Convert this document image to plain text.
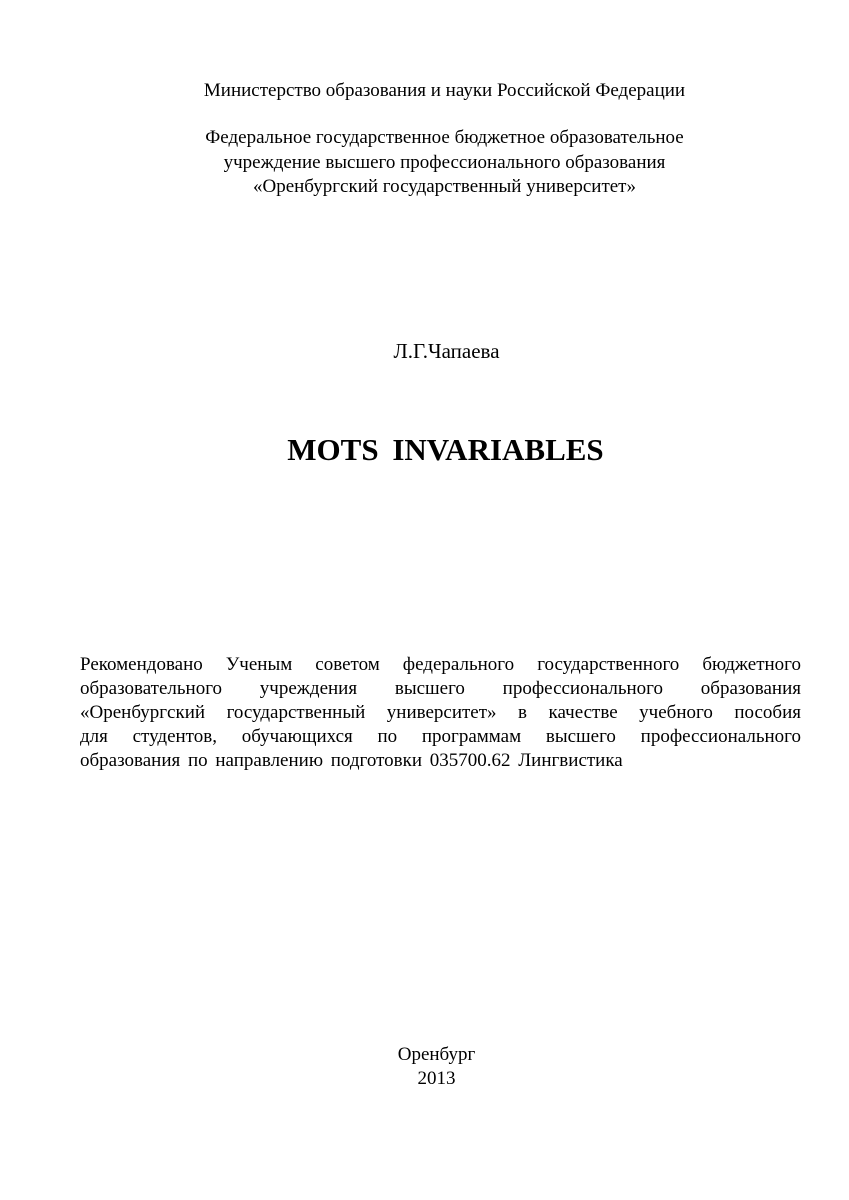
Министерство образования и науки Российской Федерации
Федеральное государственное бюджетное образовательное
учреждение высшего профессионального образования
«Оренбургский государственный университет»
Л.Г.Чапаева
MOTS INVARIABLES
Рекомендовано Ученым советом федерального государственного бюджетного
образовательного учреждения высшего профессионального образования
«Оренбургский государственный университет» в качестве учебного пособия
для студентов, обучающихся по программам высшего профессионального
образования по направлению подготовки 035700.62 Лингвистика
Оренбург
2013
